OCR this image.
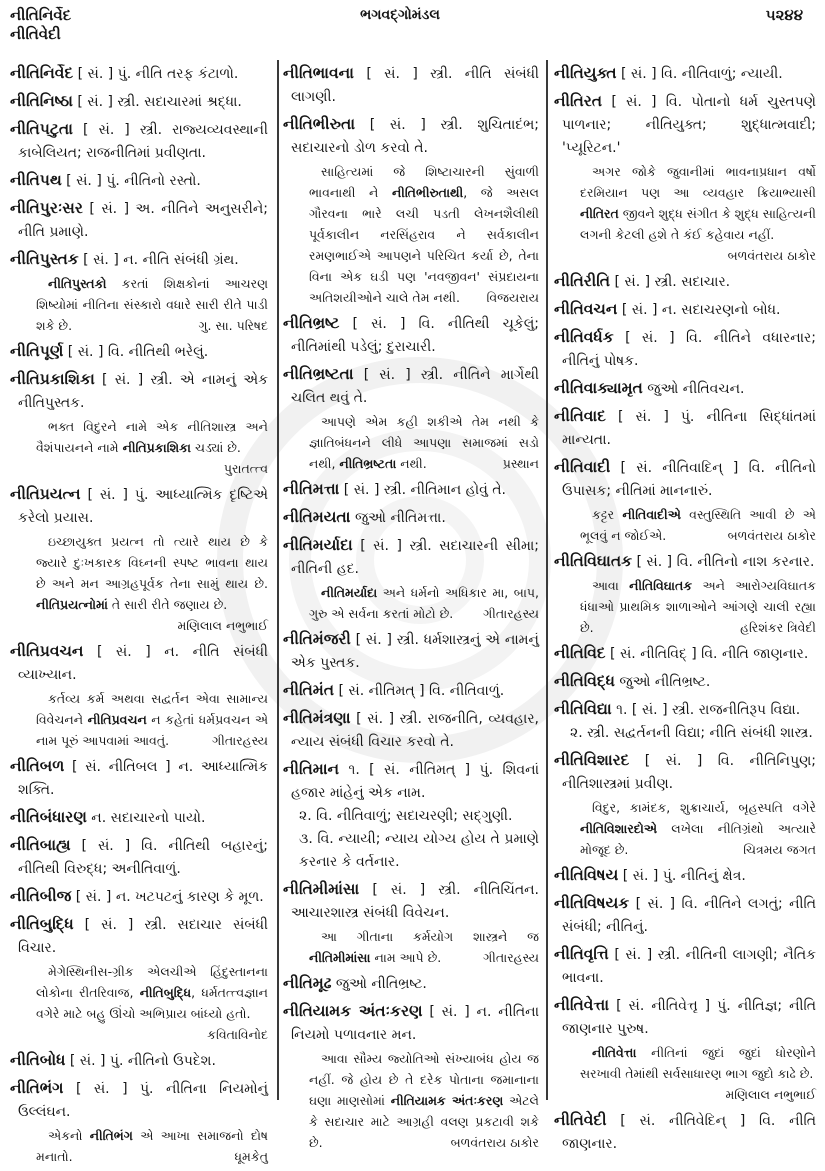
નીતિનિર્વેદ
નીતિવેદી
ભગવદ્ગોમંડલ	૫૨૪૪
નીતિનિર્વેદ [ સં. ] પું. નીતિ તરફ કંટાળો.
નીતિનિષ્ઠા [ સં. ] સ્ત્રી. સદાચારમાં શ્રદ્ધા.
નીતિપટુતા [ સં. ] સ્ત્રી. રાજ્યવ્યવસ્થાની કાબેલિયત; રાજનીતિમાં પ્રવીણતા.
નીતિપથ [ સં. ] પું. નીતિનો રસ્તો.
નીતિપુરઃસર [ સં. ] અ. નીતિને અનુસરીને; નીતિ પ્રમાણે.
નીતિપુસ્તક [ સં. ] ન. નીતિ સંબંધી ગ્રંથ.
નીતિપુસ્તકો કરતાં શિક્ષકોનાં આચરણ શિષ્યોમાં નીતિના સંસ્કારો વધારે સારી રીતે પાડી શકે છે.	ગુ. સા. પરિષદ
નીતિપૂર્ણ [ સં. ] વિ. નીતિથી ભરેલું.
નીતિપ્રકાશિકા [ સં. ] સ્ત્રી. એ નામનું એક નીતિપુસ્તક.
ભક્ત વિદુરને નામે એક નીતિશાસ્ત્ર અને વૈશંપાયનને નામે નીતિપ્રકાશિકા ચડ્યાં છે.
પુરાતત્ત્વ
નીતિપ્રયત્ન [ સં. ] પું. આધ્યાત્મિક દૃષ્ટિએ કરેલો પ્રયાસ.
ઇચ્છાયુક્ત પ્રયત્ન તો ત્યારે થાય છે કે જ્યારે દુઃખકારક વિઘ્નની સ્પષ્ટ ભાવના થાય છે અને મન આગ્રહપૂર્વક તેના સામું થાય છે. નીતિપ્રયત્નોમાં તે સારી રીતે જણાય છે.
મણિલાલ નભુભાઈ
નીતિપ્રવચન [ સં. ] ન. નીતિ સંબંધી વ્યાખ્યાન.
કર્તવ્ય કર્મ અથવા સદ્વર્તન એવા સામાન્ય વિવેચનને નીતિપ્રવચન ન કહેતાં ધર્મપ્રવચન એ નામ પૂરું આપવામાં આવતું.	ગીતારહસ્ય
નીતિબળ [ સં. નીતિબલ ] ન. આધ્યાત્મિક શક્તિ.
નીતિબંધારણ ન. સદાચારનો પાયો.
નીતિબાહ્ય [ સં. ] વિ. નીતિથી બહારનું; નીતિથી વિરુદ્ધ; અનીતિવાળું.
નીતિબીજ [ સં. ] ન. ખટપટનું કારણ કે મૂળ.
નીતિબુદ્ધિ [ સં. ] સ્ત્રી. સદાચાર સંબંધી વિચાર.
મેગેસ્થિનીસ-ગ્રીક એલચીએ હિંદુસ્તાનના લોકોના રીતરિવાજ, નીતિબુદ્ધિ, ધર્મતત્ત્વજ્ઞાન વગેરે માટે બહુ ઊંચો અભિપ્રાય બાંધ્યો હતો.
કવિતાવિનોદ
નીતિબોધ [ સં. ] પું. નીતિનો ઉપદેશ.
નીતિભંગ [ સં. ] પું. નીતિના નિયમોનું ઉલ્લંઘન.
એકનો નીતિભંગ એ આખા સમાજનો દોષ મનાતો.	ધૂમકેતુ
નીતિભાવના [ સં. ] સ્ત્રી. નીતિ સંબંધી લાગણી.
નીતિભીરુતા [ સં. ] સ્ત્રી. શુચિતાદંભ; સદાચારનો ડોળ કરવો તે.
સાહિત્યમાં જે શિષ્ટાચારની સુંવાળી ભાવનાથી ને નીતિભીરુતાથી, જે અસલ ગૌરવના ભારે લચી પડતી લેખનશૈલીથી પૂર્વકાલીન નરસિંહરાવ ને સર્વકાલીન રમણભાઈએ આપણને પરિચિત કર્યા છે, તેના વિના એક ઘડી પણ 'નવજીવન' સંપ્રદાયના અતિશયીઓને ચાલે તેમ નથી.	વિજયરાય
નીતિભ્રષ્ટ [ સં. ] વિ. નીતિથી ચૂકેલું; નીતિમાંથી પડેલું; દુરાચારી.
નીતિભ્રષ્ટતા [ સં. ] સ્ત્રી. નીતિને માર્ગેથી ચલિત થવું તે.
આપણે એમ કહી શકીએ તેમ નથી કે જ્ઞાતિબંધનને લીધે આપણા સમાજમાં સડો નથી, નીતિભ્રષ્ટતા નથી.	પ્રસ્થાન
નીતિમત્તા [ સં. ] સ્ત્રી. નીતિમાન હોવું તે.
નીતિમયતા જુઓ નીતિમત્તા.
નીતિમર્યાદા [ સં. ] સ્ત્રી. સદાચારની સીમા; નીતિની હદ.
નીતિમર્યાદા અને ધર્મનો અધિકાર મા, બાપ, ગુરુ એ સર્વના કરતાં મોટો છે.	ગીતારહસ્ય
નીતિમંજરી [ સં. ] સ્ત્રી. ધર્મશાસ્ત્રનું એ નામનું એક પુસ્તક.
નીતિમંત [ સં. નીતિમત્ ] વિ. નીતિવાળું.
નીતિમંત્રણા [ સં. ] સ્ત્રી. રાજનીતિ, વ્યવહાર, ન્યાય સંબંધી વિચાર કરવો તે.
નીતિમાન ૧. [ સં. નીતિમત્ ] પું. શિવનાં હજાર માંહેનું એક નામ.
૨. વિ. નીતિવાળું; સદાચરણી; સદ્ગુણી.
૩. વિ. ન્યાયી; ન્યાય યોગ્ય હોય તે પ્રમાણે કરનાર કે વર્તનાર.
નીતિમીમાંસા [ સં. ] સ્ત્રી. નીતિચિંતન. આચારશાસ્ત્ર સંબંધી વિવેચન.
આ ગીતાના કર્મયોગ શાસ્ત્રને જ નીતિમીમાંસા નામ આપે છે.	ગીતારહસ્ય
નીતિમૂઢ જુઓ નીતિભ્રષ્ટ.
નીતિયામક અંતઃકરણ [ સં. ] ન. નીતિના નિયમો પળાવનાર મન.
આવા સૌમ્ય જ્યોતિઓ સંખ્યાબંધ હોય જ નહીં. જે હોય છે તે દરેક પોતાના જમાનાના ઘણા માણસોમાં નીતિયામક અંતઃકરણ એટલે કે સદાચાર માટે આગ્રહી વલણ પ્રકટાવી શકે છે.	બળવંતરાય ઠાકોર
નીતિયુક્ત [ સં. ] વિ. નીતિવાળું; ન્યાયી.
નીતિરત [ સં. ] વિ. પોતાનો ધર્મ ચુસ્તપણે પાળનાર; નીતિયુક્ત; શુદ્ધાત્મવાદી; 'પ્યૂરિટન.'
અગર જોકે જુવાનીમાં ભાવનાપ્રધાન વર્ષો દરમિયાન પણ આ વ્યવહાર ક્રિયાભ્યાસી નીતિરત જીવને શુદ્ધ સંગીત કે શુદ્ધ સાહિત્યની લગની કેટલી હશે તે કંઈ કહેવાય નહીં.
બળવંતરાય ઠાકોર
નીતિરીતિ [ સં. ] સ્ત્રી. સદાચાર.
નીતિવચન [ સં. ] ન. સદાચરણનો બોધ.
નીતિવર્ધક [ સં. ] વિ. નીતિને વધારનાર; નીતિનું પોષક.
નીતિવાક્યામૃત જુઓ નીતિવચન.
નીતિવાદ [ સં. ] પું. નીતિના સિદ્ધાંતમાં માન્યતા.
નીતિવાદી [ સં. નીતિવાદિન્ ] વિ. નીતિનો ઉપાસક; નીતિમાં માનનારું.
કટ્ટર નીતિવાદીએ વસ્તુસ્થિતિ આવી છે એ ભૂલવું ન જોઈએ.	બળવંતરાય ઠાકોર
નીતિવિઘાતક [ સં. ] વિ. નીતિનો નાશ કરનાર.
આવા નીતિવિઘાતક અને આરોગ્યવિઘાતક ધંધાઓ પ્રાથમિક શાળાઓને આંગણે ચાલી રહ્યા છે.	હરિશંકર ત્રિવેદી
નીતિવિદ [ સં. નીતિવિદ્ ] વિ. નીતિ જાણનાર.
નીતિવિદ્ધ જુઓ નીતિભ્રષ્ટ.
નીતિવિદ્યા ૧. [ સં. ] સ્ત્રી. રાજનીતિરૂપ વિદ્યા.
૨. સ્ત્રી. સદ્વર્તનની વિદ્યા; નીતિ સંબંધી શાસ્ત્ર.
નીતિવિશારદ [ સં. ] વિ. નીતિનિપુણ; નીતિશાસ્ત્રમાં પ્રવીણ.
વિદુર, કામંદક, શુક્રાચાર્ય, બૃહસ્પતિ વગેરે નીતિવિશારદોએ લખેલા નીતિગ્રંથો અત્યારે મોજૂદ છે.	ચિત્રમય જગત
નીતિવિષય [ સં. ] પું. નીતિનું ક્ષેત્ર.
નીતિવિષયક [ સં. ] વિ. નીતિને લગતું; નીતિ સંબંધી; નીતિનું.
નીતિવૃત્તિ [ સં. ] સ્ત્રી. નીતિની લાગણી; નૈતિક ભાવના.
નીતિવેત્તા [ સં. નીતિવેત્તૃ ] પું. નીતિજ્ઞ; નીતિ જાણનાર પુરુષ.
નીતિવેત્તા નીતિનાં જુદાં જુદાં ધોરણોને સરખાવી તેમાંથી સર્વસાધારણ ભાગ જુદો કાઢે છે.
મણિલાલ નભુભાઈ
નીતિવેદી [ સં. નીતિવેદિન્ ] વિ. નીતિ જાણનાર.
